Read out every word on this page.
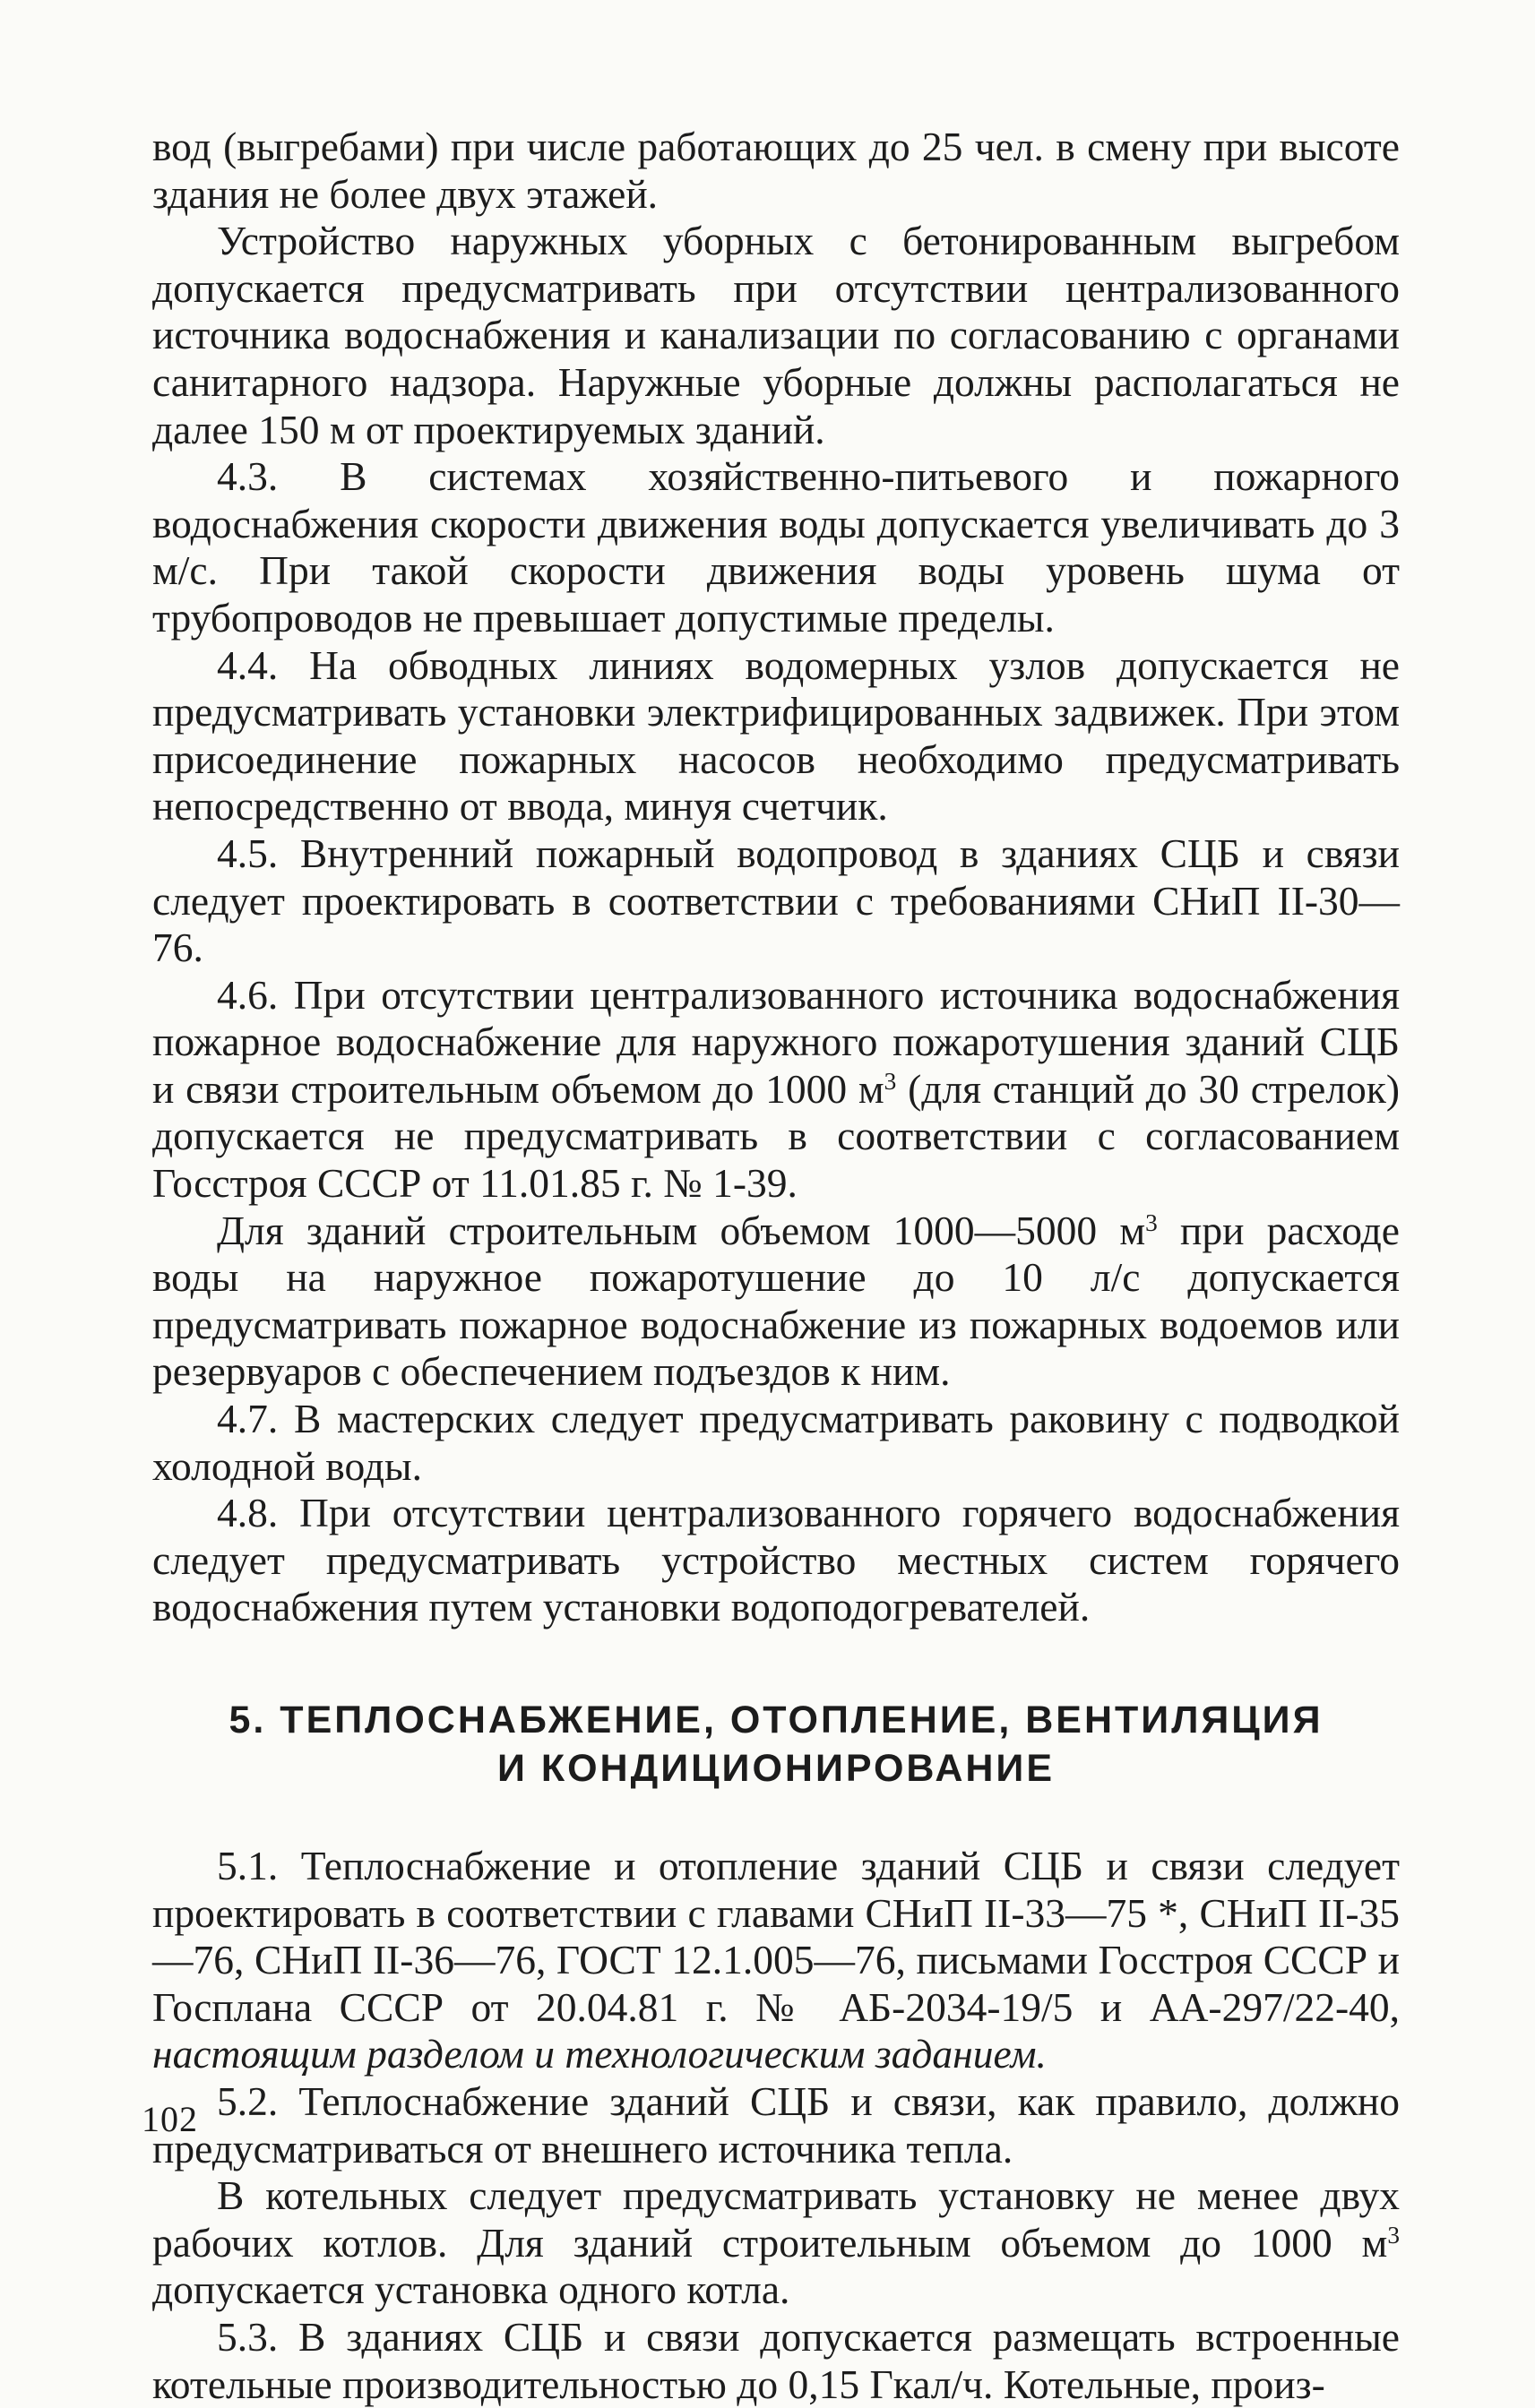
вод (выгребами) при числе работающих до 25 чел. в смену при высоте здания не более двух этажей.

Устройство наружных уборных с бетонированным выгребом допускается предусматривать при отсутствии централизованного источника водоснабжения и канализации по согласованию с органами санитарного надзора. Наружные уборные должны располагаться не далее 150 м от проектируемых зданий.

4.3. В системах хозяйственно-питьевого и пожарного водоснабжения скорости движения воды допускается увеличивать до 3 м/с. При такой скорости движения воды уровень шума от трубопроводов не превышает допустимые пределы.

4.4. На обводных линиях водомерных узлов допускается не предусматривать установки электрифицированных задвижек. При этом присоединение пожарных насосов необходимо предусматривать непосредственно от ввода, минуя счетчик.

4.5. Внутренний пожарный водопровод в зданиях СЦБ и связи следует проектировать в соответствии с требованиями СНиП II-30—76.

4.6. При отсутствии централизованного источника водоснабжения пожарное водоснабжение для наружного пожаротушения зданий СЦБ и связи строительным объемом до 1000 $м^3$ (для станций до 30 стрелок) допускается не предусматривать в соответствии с согласованием Госстроя СССР от 11.01.85 г. № 1-39.

Для зданий строительным объемом 1000—5000 $м^3$ при расходе воды на наружное пожаротушение до 10 л/с допускается предусматривать пожарное водоснабжение из пожарных водоемов или резервуаров с обеспечением подъездов к ним.

4.7. В мастерских следует предусматривать раковину с подводкой холодной воды.

4.8. При отсутствии централизованного горячего водоснабжения следует предусматривать устройство местных систем горячего водоснабжения путем установки водоподогревателей.

5. ТЕПЛОСНАБЖЕНИЕ, ОТОПЛЕНИЕ, ВЕНТИЛЯЦИЯ
И КОНДИЦИОНИРОВАНИЕ

5.1. Теплоснабжение и отопление зданий СЦБ и связи следует проектировать в соответствии с главами СНиП II-33—75 *, СНиП II-35—76, СНиП II-36—76, ГОСТ 12.1.005—76, письмами Госстроя СССР и Госплана СССР от 20.04.81 г. № АБ-2034-19/5 и АА-297/22-40, настоящим разделом и технологическим заданием.

5.2. Теплоснабжение зданий СЦБ и связи, как правило, должно предусматриваться от внешнего источника тепла.

В котельных следует предусматривать установку не менее двух рабочих котлов. Для зданий строительным объемом до 1000 $м^3$ допускается установка одного котла.

5.3. В зданиях СЦБ и связи допускается размещать встроенные котельные производительностью до 0,15 Гкал/ч. Котельные, произ-

102
